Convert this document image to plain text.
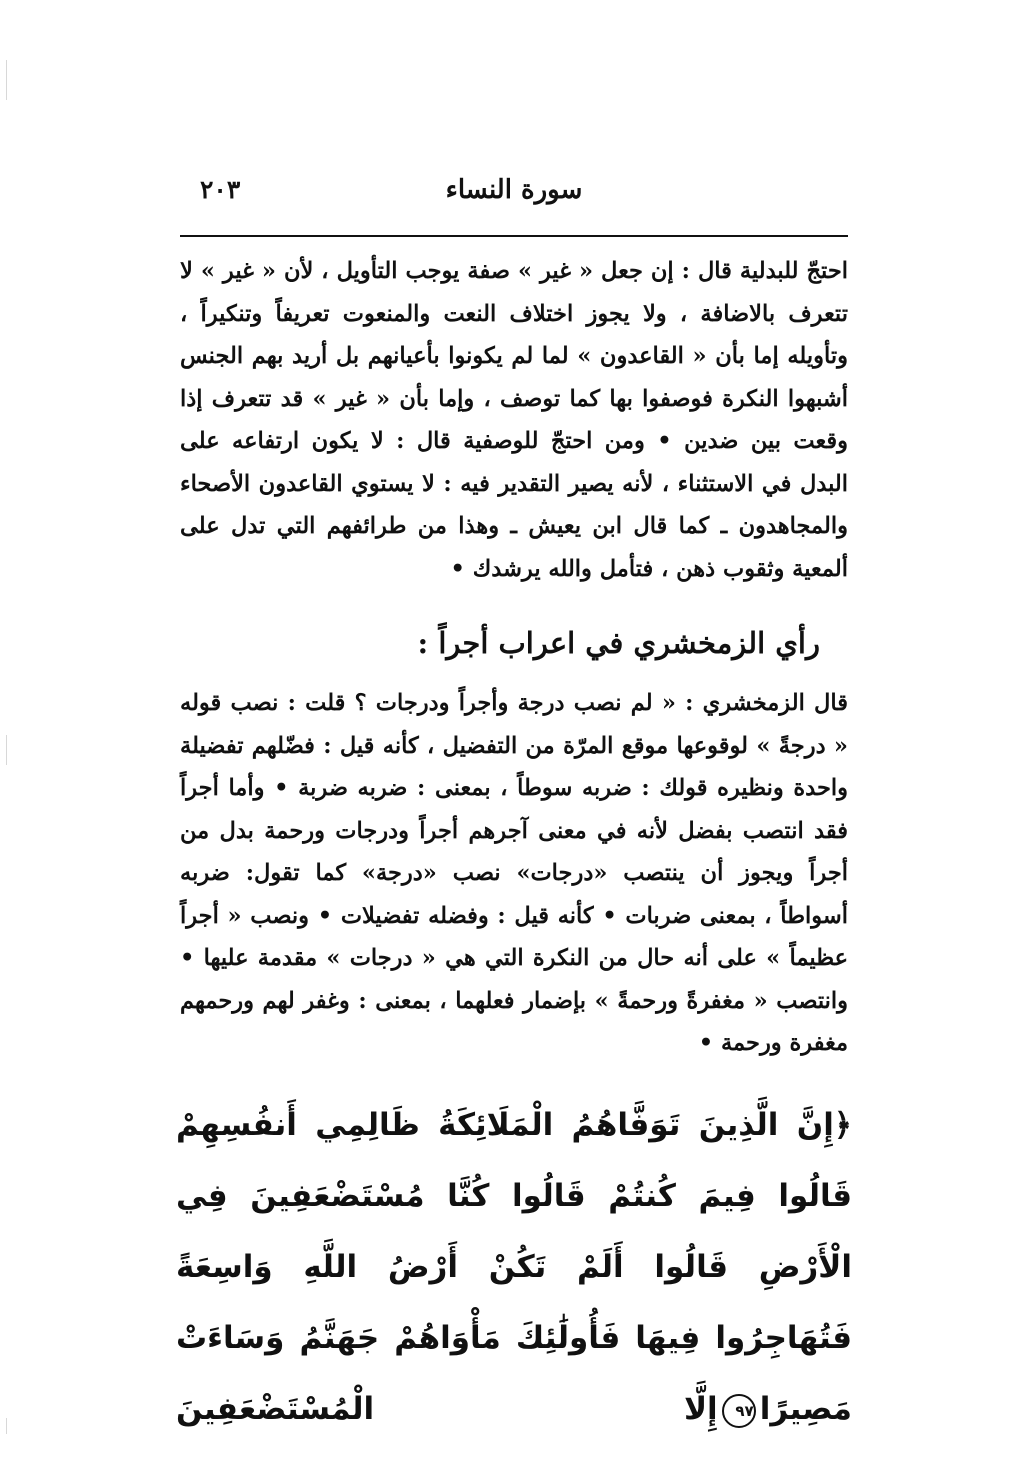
٢٠٣	سورة النساء

احتجّ للبدلية قال : إن جعل « غير » صفة يوجب التأويل ، لأن « غير » لا تتعرف بالاضافة ، ولا يجوز اختلاف النعت والمنعوت تعريفاً وتنكيراً ، وتأويله إما بأن « القاعدون » لما لم يكونوا بأعيانهم بل أريد بهم الجنس أشبهوا النكرة فوصفوا بها كما توصف ، وإما بأن « غير » قد تتعرف إذا وقعت بين ضدين • ومن احتجّ للوصفية قال : لا يكون ارتفاعه على البدل في الاستثناء ، لأنه يصير التقدير فيه : لا يستوي القاعدون الأصحاء والمجاهدون ـ كما قال ابن يعيش ـ وهذا من طرائفهم التي تدل على ألمعية وثقوب ذهن ، فتأمل والله يرشدك •

رأي الزمخشري في اعراب أجراً :

قال الزمخشري : « لم نصب درجة وأجراً ودرجات ؟ قلت : نصب قوله « درجةً » لوقوعها موقع المرّة من التفضيل ، كأنه قيل : فضّلهم تفضيلة واحدة ونظيره قولك : ضربه سوطاً ، بمعنى : ضربه ضربة • وأما أجراً فقد انتصب بفضل لأنه في معنى آجرهم أجراً ودرجات ورحمة بدل من أجراً ويجوز أن ينتصب «درجات» نصب «درجة» كما تقول: ضربه أسواطاً ، بمعنى ضربات • كأنه قيل : وفضله تفضيلات • ونصب « أجراً عظيماً » على أنه حال من النكرة التي هي « درجات » مقدمة عليها • وانتصب « مغفرةً ورحمةً » بإضمار فعلهما ، بمعنى : وغفر لهم ورحمهم مغفرة ورحمة •

﴿إِنَّ الَّذِينَ تَوَفَّاهُمُ الْمَلَائِكَةُ ظَالِمِي أَنفُسِهِمْ قَالُوا فِيمَ كُنتُمْ قَالُوا كُنَّا مُسْتَضْعَفِينَ فِي الْأَرْضِ قَالُوا أَلَمْ تَكُنْ أَرْضُ اللَّهِ وَاسِعَةً فَتُهَاجِرُوا فِيهَا فَأُولَٰئِكَ مَأْوَاهُمْ جَهَنَّمُ وَسَاءَتْ مَصِيرًا٩٧إِلَّا الْمُسْتَضْعَفِينَ
